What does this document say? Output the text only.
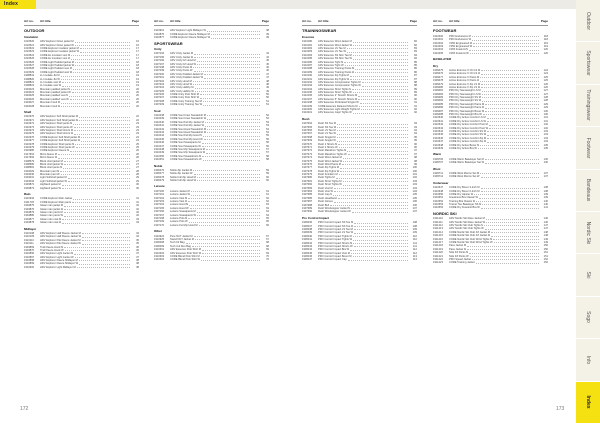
Index
Outdoor
Sportswear
Trainingswear
Footwear
Bandeaux
Nordic Ski
Ski
Sogo
Info
Index
Art no.	Art title	Page
OUTDOOR
Insulation
1016520	HDV Explorer Down jacket M	16
1016521	HDV Explorer Down jacket W	16
1016522	CORE Explorer insulator jacket M	17
1016523	CORE Explorer insulator jacket W	17
1016524	CORE Ex insulator vest M	17
1016525	CORE Ex insulator vest W	17
1016526	CORE Light Padded jacket M	18
1016527	CORE Light Padded jacket W	18
1016528	CORE Light Padded vest M	18
1016529	CORE Light Padded vest W	18
1908819	LL Insulate Jkt M	19
1908820	LL Insulate Jkt W	19
1908821	LL Insulate vest M	19
1908822	LL Insulate vest W	19
1904023	Mountain padded jacket M	20
1904024	Mountain padded jacket W	20
1904025	Mountain padded vest M	20
1904026	Mountain padded vest W	20
1904027	Mountain hood M	20
1904028	Mountain hood W	20
Shell
1910970	HDV Explorer Soft Shell jacket M	22
1910971	HDV Explorer Soft Shell jacket W	22
1910972	HDV Explorer Shell pants M	23
1910973	HDV Explorer Shell pants W	23
1910974	HDV Explorer Shell shorts M	23
1910975	HDV Explorer Shell shorts W	23
1910976	CORE Explorer Soft Shell jacket M	24
1910977	CORE Explorer Soft Shell jacket W	24
1910978	CORE Explorer Shell pants M	25
1910979	CORE Explorer Shell pants W	25
1910980	CORE Explorer Fleece M	26
1917691	Micro fleece M	26
1917692	Micro fleece W	26
1908679	Block shell jacket M	27
1908680	Block shell jacket W	27
1908681	Block shell pants M	27
1904029	Mountain pant M	28
1904030	Mountain pant W	28
1904031	Light Softshell jacket M	29
1904032	Light Softshell jacket W	29
1903872	Highland jacket M	30
1903873	Highland jacket W	30
Rain
1910934	CORE Explorer Rain Jacket	31
1911745	CORE Explorer Rain pants	31
1904875	Gleam rain jacket M	32
1904876	Gleam rain jacket W	32
1904879	Gleam rain pants M	32
1904880	Gleam rain pants W	32
1904877	Gleam rain coat M	33
1904878	Gleam rain coat W	33
Midlayer
1910108	HDV Explorer Half Fleece Jacket M	34
1910109	HDV Explorer Half Fleece Jacket W	34
1910110	HDV Explorer Pile Fleece Jacket M	35
1910111	HDV Explorer Pile Fleece Jacket W	35
1904869	Trail Fleece Hood M	36
1904870	Trail Fleece Hood W	36
1910896	HDV Explorer Light Jacket M	37
1910897	HDV Explorer Light Jacket W	37
1910898	HDV Explorer Fleece Midlayer M	38
1910899	HDV Explorer Fleece Midlayer W	38
1910900	HDV Explorer Light Midlayer M	38
Art no.	Art title	Page
1910901	HDV Explorer Light Midlayer W	38
1910876	CORE Explorer Fleece Midlayer M	39
1910877	CORE Explorer Fleece Midlayer W	39
SPORTSWEAR
Unity
1907194	ADV Unity Jacket M	44
1907195	ADV Unity Jacket W	44
1907196	ADV Unity FZ Hood M	45
1907197	ADV Unity FZ Hood W	45
1907198	ADV Unity Pants M	46
1907199	ADV Unity Pants W	46
1907200	ADV Unity Padded Jacket M	47
1907201	ADV Unity Padded Jacket W	47
1907202	ADV Unity Hood M	48
1907203	ADV Unity Hood W	48
1907204	ADV Unity Halfzip M	49
1907205	ADV Unity Halfzip W	49
1907206	CORE Unity Polo Shirt M	50
1907207	CORE Unity Polo Shirt W	50
1907208	CORE Unity Training Tee M	51
1907209	CORE Unity Training Tee W	51
Soul
1910438	CORE Soul Crew Sweatshirt M	52
1910439	CORE Soul Crew Sweatshirt W	52
1910440	CORE Soul Full Zip Jacket M	53
1910441	CORE Soul Full Zip Jacket W	53
1910442	CORE Soul Hood Sweatshirt M	54
1910443	CORE Soul Hood Sweatshirt W	54
1910444	CORE Soul Full Zip Hood M	55
1910445	CORE Soul Full Zip Hood W	55
1910446	CORE Soul Sweatpants M	56
1910447	CORE Soul Sweatpants W	56
1910448	CORE Soul Zip Sweatpants M	57
1910449	CORE Soul Zip Sweatpants W	57
1910450	CORE Soul Sweatshorts M	58
1910451	CORE Soul Sweatshorts W	58
Noble
1906476	Noble Zip Jacket M	59
1906477	Noble Zip Jacket W	59
1906478	Noble Full Zip Hood M	60
1906479	Noble Full Zip Hood W	60
Leisure
1907160	Leisure Jacket M	61
1907161	Leisure Jacket W	61
1907162	Leisure Vest M	62
1907163	Leisure Vest W	62
1907164	Leisure Hood M	63
1907165	Leisure Hood W	63
1907166	Leisure Sweatpants M	64
1907167	Leisure Sweatpants W	64
1907168	Leisure Polo M	65
1907169	Leisure Polo W	65
1907170	Leisure Full Zip Hood M	66
Other
1910924	Pure NCT Jacket M	67
1910925	Stand NCT Jacket M	67
1906268	Tech Kit Bag	68
1906269	Tech Cul Duo Bag	68
1910301	ADV Essence Polo Shirt M	69
1910302	ADV Essence Polo Shirt W	69
1910303	CORE Blend Polo Shirt M	70
1910304	CORE Blend Polo Shirt W	70
Art no.	Art title	Page
TRAININGSWEAR
Essence
1910180	ADV Essence Wind Jacket M	82
1910181	ADV Essence Wind Jacket W	82
1910182	ADV Essence LS Tee M	83
1910183	ADV Essence LS Tee W	83
1910184	ADV Essence SS Slim Tee M	84
1910185	ADV Essence SS Slim Tee W	84
1910186	ADV Essence Tight M	85
1910187	ADV Essence Tight W	85
1910188	ADV Essence Training Pants M	86
1910189	ADV Essence Training Pants W	86
1910190	ADV Essence Zip Tights M	87
1910191	ADV Essence Zip Tights W	87
1910192	ADV Essence Compression Tights M	88
1910193	ADV Essence Compression Tights W	88
1910194	ADV Essence Short Tights M	89
1910195	ADV Essence Short Tights W	89
1910196	ADV Essence 2" Stretch Shorts M	90
1910197	ADV Essence 5" Stretch Shorts M	90
1910198	ADV Essence Perforated Singlet W	91
1910199	CORE Essence Relaxed Shorts M	91
1910200	ADV Essence Light Weight Tights M	92
1910201	ADV Essence Capri Tights W	92
Rush
1907364	Rush SS Tee M	93
1907365	Rush SS Tee W	93
1907366	Rush LS Tee M	94
1907367	Rush LS Tee W	94
1907368	Rush Singlet M	95
1907369	Rush Singlet W	95
1907370	Rush 2 Shorts M	96
1907371	Rush 2 Shorts W	96
1907372	Rush Marathon Tights M	97
1907373	Rush Marathon Tights W	97
1907374	Rush Wind Jacket M	98
1907375	Rush Wind Jacket W	98
1907376	Rush Wind Pants M	99
1907377	Rush Zip Tights M	100
1907378	Rush Zip Tights W	100
1907379	Rush Knickers M	101
1907380	Rush Tights M	102
1907381	Rush Short Tights M	103
1907382	Rush Short Tights W	103
1907383	Rush Vest M	104
1907384	Rush Vest W	104
1907385	Rush Cap M	105
1907386	Rush Headband	105
1907387	Rush Gloves	106
1907388	Rush Buff	106
1907389	Rush Windstopper Jacket M	107
1907390	Rush Windstopper Jacket W	107
Pro Control Impact
1906036	PRO Control Impact SS Tee M	108
1906037	PRO Control Impact SS Tee W	108
1906038	PRO Control Impact LS Tee M	109
1906039	PRO Control Impact LS Tee W	109
1906040	PRO Control Impact Tights M	110
1906041	PRO Control Impact Tights W	110
1906042	PRO Control Impact Shorts M	111
1906043	PRO Control Impact Shorts W	111
1906044	PRO Control Impact Bra W	112
1906045	PRO Control Impact Vest M	112
1906046	PRO Control Impact Boxer M	113
1906047	PRO Control Impact Cap	113
Art no.	Art title	Page
FOOTWEAR
1910400	PRO Endurance M	118
1910401	PRO Endurance W	118
1910402	V150 Engineered M	119
1910403	V150 Engineered W	119
1910404	X165 Fuseknit M	120
1910405	X165 Fuseknit W	120
BASELAYER
Dry
1909475	Active Extreme X CN LS M	124
1909476	Active Extreme X CN LS W	124
1909477	Active Extreme X Pants M	125
1909478	Active Extreme X Pants W	125
1909479	Active Extreme X Zip LS M	126
1909480	Active Extreme X Zip LS W	126
1909481	PRO Dry Nanoweight LS M	127
1909482	PRO Dry Nanoweight LS W	127
1909483	PRO Dry Nanoweight SS M	128
1909484	PRO Dry Nanoweight SS W	128
1909485	PRO Dry Nanoweight Pants M	129
1909486	PRO Dry Nanoweight Pants W	129
1909487	PRO Dry Nanoweight Boxer M	130
1909488	PRO Dry Nanoweight Bra W	130
1910640	CORE Dry Active Comfort LS M	131
1910641	CORE Dry Active Comfort LS W	131
1910642	CORE Dry Active Comfort Pant M	132
1910643	CORE Dry Active Comfort Pant W	132
1910644	CORE Dry Active Comfort SS M	133
1910645	CORE Dry Active Comfort SS W	133
1910646	CORE Dry Active Comfort Zip M	134
1910647	CORE Dry Active Comfort Zip W	134
1910648	CORE Dry Active Boxer M	135
1910649	CORE Dry Active Bra W	135
Warm
1909706	CORE Warm Baselayer Set M	136
1909707	CORE Warm Baselayer Set W	136
Wool
1909711	CORE Wool Merino Set M	137
1909712	CORE Wool Merino Set W	137
Underwear
1910647	CORE Dry Boxer 3-Inch M	138
1910648	CORE Dry Boxer 6-Inch M	138
1910650	CORE Dry Hipster W	139
1910651	Greatness Bra Classic W	139
1910652	Training Bra Classic W	140
1910653	Trainer Tee Baselayer SS M	140
1910654	CORE Dry Fuseknit Bra W	141
NORDIC SKI
1911210	ADV Nordic Ski Race Jacket M	146
1911211	ADV Nordic Ski Race Jacket W	146
1911212	ADV Nordic Ski Club Tights M	147
1911213	ADV Nordic Ski Club Tights W	147
1911214	CORE Nordic Ski Club FZ Jacket M	148
1911215	CORE Nordic Ski Club FZ Jacket W	148
1911216	CORE Nordic Ski Club Wind Tights M	149
1911217	CORE Nordic Ski Club Wind Tights W	149
1911218	Pace Jacket M	150
1911219	Pace Jacket W	150
1911220	Side FZ Pants M	151
1911221	Side FZ Pants W	151
1911222	PRO Speed Jacket	152
1911223	CORE Training Jacket	152
172	173
